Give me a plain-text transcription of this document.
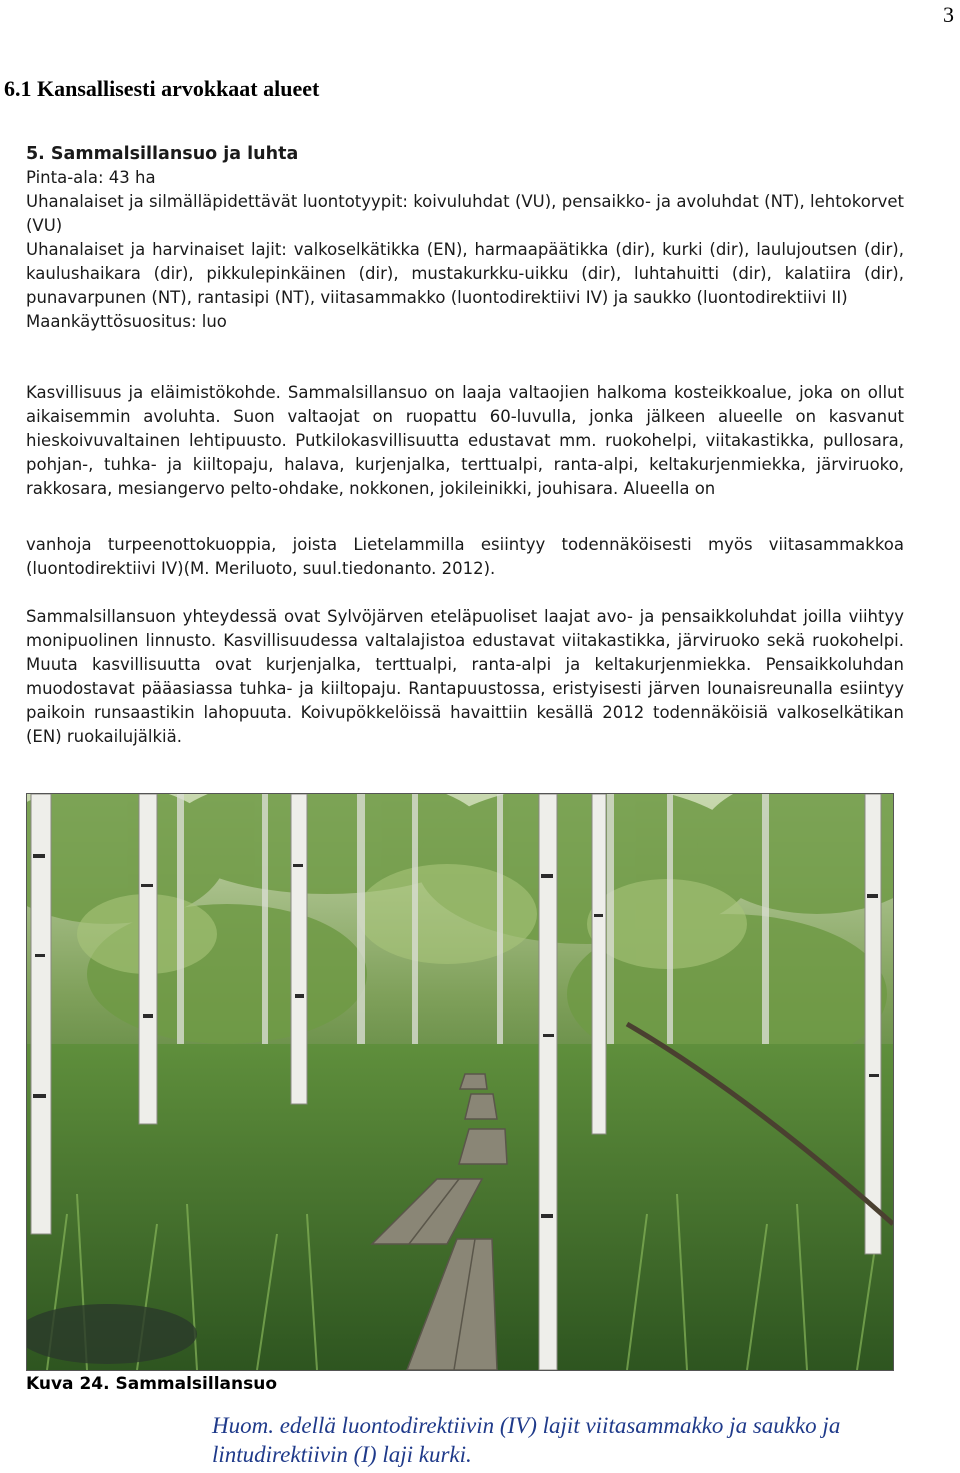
3
6.1 Kansallisesti arvokkaat alueet

5. Sammalsillansuo ja luhta

Pinta-ala: 43 ha

Uhanalaiset ja silmälläpidettävät luontotyypit: koivuluhdat (VU), pensaikko- ja avoluhdat (NT), lehtokorvet (VU)

Uhanalaiset ja harvinaiset lajit: valkoselkätikka (EN), harmaapäätikka (dir), kurki (dir), laulujoutsen (dir), kaulushaikara (dir), pikkulepinkäinen (dir), mustakurkku-uikku (dir), luhtahuitti (dir), kalatiira (dir), punavarpunen (NT), rantasipi (NT), viitasammakko (luontodirektiivi IV) ja saukko (luontodirektiivi II)

Maankäyttösuositus: luo

Kasvillisuus ja eläimistökohde. Sammalsillansuo on laaja valtaojien halkoma kosteikkoalue, joka on ollut aikaisemmin avoluhta. Suon valtaojat on ruopattu 60-luvulla, jonka jälkeen alueelle on kasvanut hieskoivuvaltainen lehtipuusto. Putkilokasvillisuutta edustavat mm. ruokohelpi, viitakastikka, pullosara, pohjan-, tuhka- ja kiiltopaju, halava, kurjenjalka, terttualpi, ranta-alpi, keltakurjenmiekka, järviruoko, rakkosara, mesiangervo pelto-ohdake, nokkonen, jokileinikki, jouhisara. Alueella on
vanhoja turpeenottokuoppia, joista Lietelammilla esiintyy todennäköisesti myös viitasammakkoa (luontodirektiivi IV)(M. Meriluoto, suul.tiedonanto. 2012).
Sammalsillansuon yhteydessä ovat Sylvöjärven eteläpuoliset laajat avo- ja pensaikkoluhdat joilla viihtyy monipuolinen linnusto. Kasvillisuudessa valtalajistoa edustavat viitakastikka, järviruoko sekä ruokohelpi. Muuta kasvillisuutta ovat kurjenjalka, terttualpi, ranta-alpi ja keltakurjenmiekka. Pensaikkoluhdan muodostavat pääasiassa tuhka- ja kiiltopaju. Rantapuustossa, eristyisesti järven lounaisreunalla esiintyy paikoin runsaastikin lahopuuta. Koivupökkelöissä havaittiin kesällä 2012 todennäköisiä valkoselkätikan (EN) ruokailujälkiä.
Kuva 24. Sammalsillansuo
Huom. edellä luontodirektiivin (IV) lajit viitasammakko ja saukko ja lintudirektiivin (I) laji kurki.
